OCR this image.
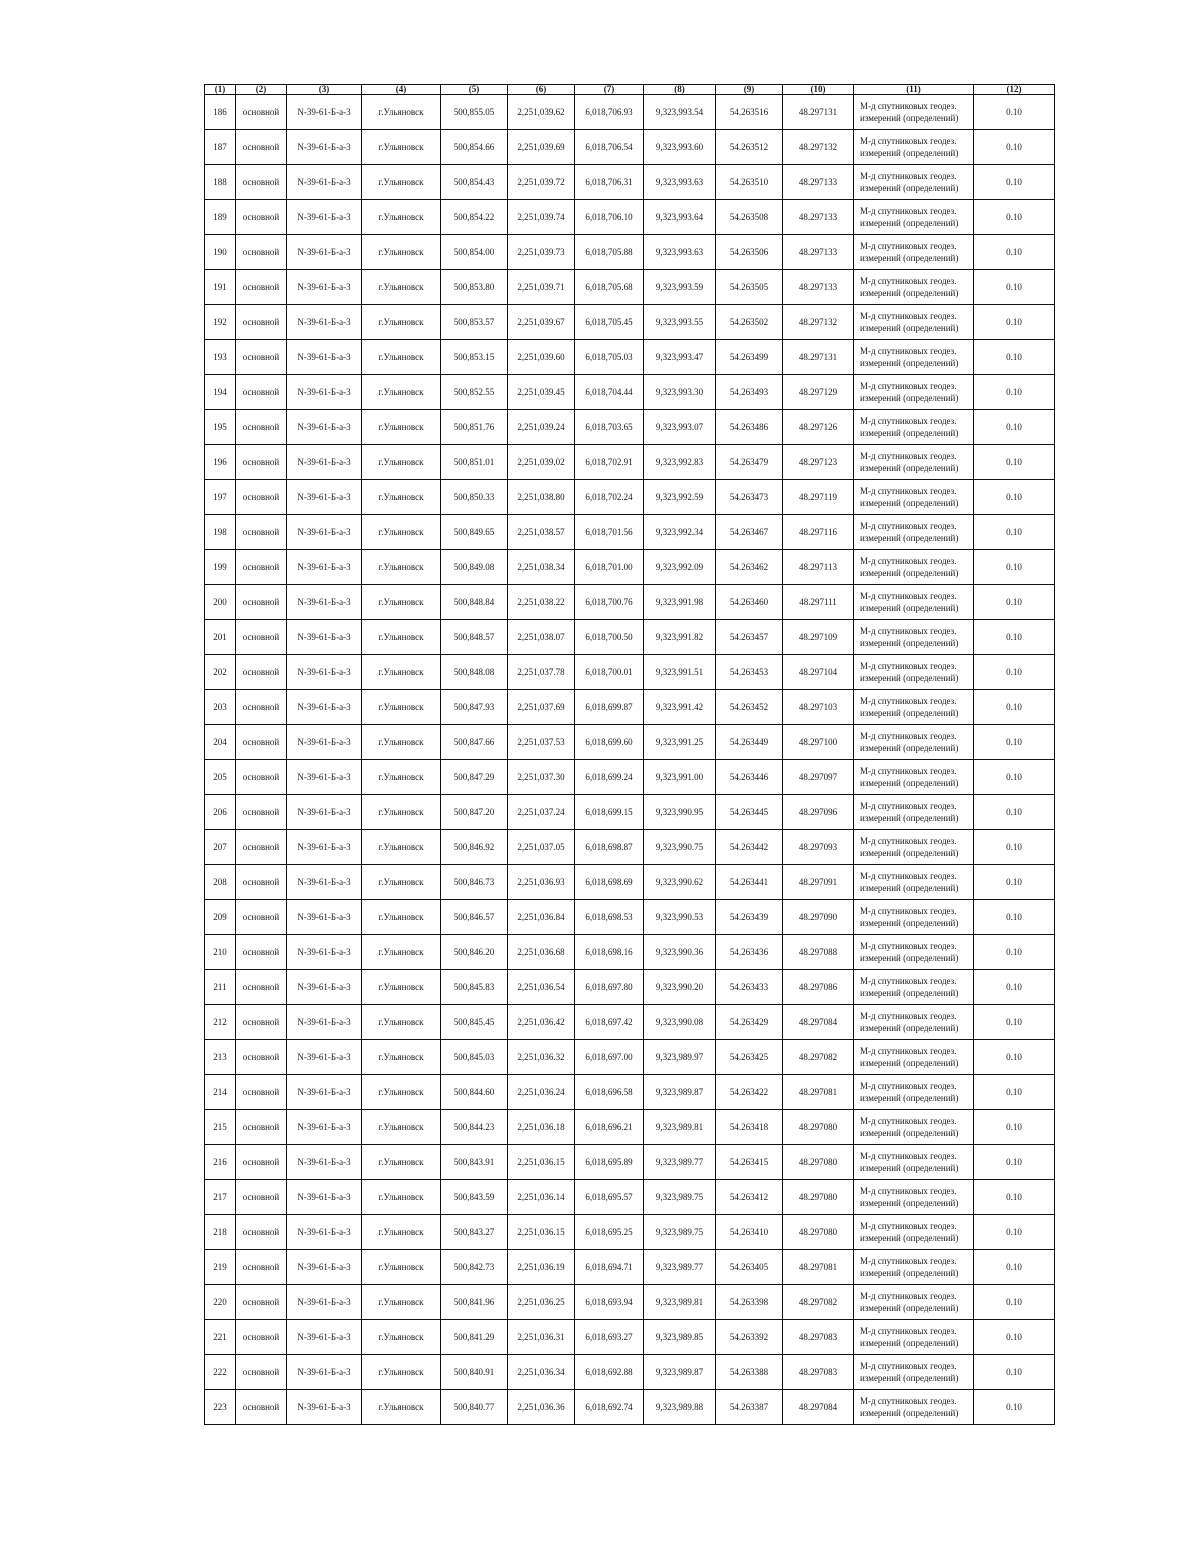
(1)	(2)	(3)	(4)	(5)	(6)	(7)	(8)	(9)	(10)	(11)	(12)
186	основной	N-39-61-Б-а-3	г.Ульяновск	500,855.05	2,251,039.62	6,018,706.93	9,323,993.54	54.263516	48.297131	М-д спутниковых геодез. измерений (определений)	0.10
187	основной	N-39-61-Б-а-3	г.Ульяновск	500,854.66	2,251,039.69	6,018,706.54	9,323,993.60	54.263512	48.297132	М-д спутниковых геодез. измерений (определений)	0.10
188	основной	N-39-61-Б-а-3	г.Ульяновск	500,854.43	2,251,039.72	6,018,706.31	9,323,993.63	54.263510	48.297133	М-д спутниковых геодез. измерений (определений)	0.10
189	основной	N-39-61-Б-а-3	г.Ульяновск	500,854.22	2,251,039.74	6,018,706.10	9,323,993.64	54.263508	48.297133	М-д спутниковых геодез. измерений (определений)	0.10
190	основной	N-39-61-Б-а-3	г.Ульяновск	500,854.00	2,251,039.73	6,018,705.88	9,323,993.63	54.263506	48.297133	М-д спутниковых геодез. измерений (определений)	0.10
191	основной	N-39-61-Б-а-3	г.Ульяновск	500,853.80	2,251,039.71	6,018,705.68	9,323,993.59	54.263505	48.297133	М-д спутниковых геодез. измерений (определений)	0.10
192	основной	N-39-61-Б-а-3	г.Ульяновск	500,853.57	2,251,039.67	6,018,705.45	9,323,993.55	54.263502	48.297132	М-д спутниковых геодез. измерений (определений)	0.10
193	основной	N-39-61-Б-а-3	г.Ульяновск	500,853.15	2,251,039.60	6,018,705.03	9,323,993.47	54.263499	48.297131	М-д спутниковых геодез. измерений (определений)	0.10
194	основной	N-39-61-Б-а-3	г.Ульяновск	500,852.55	2,251,039.45	6,018,704.44	9,323,993.30	54.263493	48.297129	М-д спутниковых геодез. измерений (определений)	0.10
195	основной	N-39-61-Б-а-3	г.Ульяновск	500,851.76	2,251,039.24	6,018,703.65	9,323,993.07	54.263486	48.297126	М-д спутниковых геодез. измерений (определений)	0.10
196	основной	N-39-61-Б-а-3	г.Ульяновск	500,851.01	2,251,039.02	6,018,702.91	9,323,992.83	54.263479	48.297123	М-д спутниковых геодез. измерений (определений)	0.10
197	основной	N-39-61-Б-а-3	г.Ульяновск	500,850.33	2,251,038.80	6,018,702.24	9,323,992.59	54.263473	48.297119	М-д спутниковых геодез. измерений (определений)	0.10
198	основной	N-39-61-Б-а-3	г.Ульяновск	500,849.65	2,251,038.57	6,018,701.56	9,323,992.34	54.263467	48.297116	М-д спутниковых геодез. измерений (определений)	0.10
199	основной	N-39-61-Б-а-3	г.Ульяновск	500,849.08	2,251,038.34	6,018,701.00	9,323,992.09	54.263462	48.297113	М-д спутниковых геодез. измерений (определений)	0.10
200	основной	N-39-61-Б-а-3	г.Ульяновск	500,848.84	2,251,038.22	6,018,700.76	9,323,991.98	54.263460	48.297111	М-д спутниковых геодез. измерений (определений)	0.10
201	основной	N-39-61-Б-а-3	г.Ульяновск	500,848.57	2,251,038.07	6,018,700.50	9,323,991.82	54.263457	48.297109	М-д спутниковых геодез. измерений (определений)	0.10
202	основной	N-39-61-Б-а-3	г.Ульяновск	500,848.08	2,251,037.78	6,018,700.01	9,323,991.51	54.263453	48.297104	М-д спутниковых геодез. измерений (определений)	0.10
203	основной	N-39-61-Б-а-3	г.Ульяновск	500,847.93	2,251,037.69	6,018,699.87	9,323,991.42	54.263452	48.297103	М-д спутниковых геодез. измерений (определений)	0.10
204	основной	N-39-61-Б-а-3	г.Ульяновск	500,847.66	2,251,037.53	6,018,699.60	9,323,991.25	54.263449	48.297100	М-д спутниковых геодез. измерений (определений)	0.10
205	основной	N-39-61-Б-а-3	г.Ульяновск	500,847.29	2,251,037.30	6,018,699.24	9,323,991.00	54.263446	48.297097	М-д спутниковых геодез. измерений (определений)	0.10
206	основной	N-39-61-Б-а-3	г.Ульяновск	500,847.20	2,251,037.24	6,018,699.15	9,323,990.95	54.263445	48.297096	М-д спутниковых геодез. измерений (определений)	0.10
207	основной	N-39-61-Б-а-3	г.Ульяновск	500,846.92	2,251,037.05	6,018,698.87	9,323,990.75	54.263442	48.297093	М-д спутниковых геодез. измерений (определений)	0.10
208	основной	N-39-61-Б-а-3	г.Ульяновск	500,846.73	2,251,036.93	6,018,698.69	9,323,990.62	54.263441	48.297091	М-д спутниковых геодез. измерений (определений)	0.10
209	основной	N-39-61-Б-а-3	г.Ульяновск	500,846.57	2,251,036.84	6,018,698.53	9,323,990.53	54.263439	48.297090	М-д спутниковых геодез. измерений (определений)	0.10
210	основной	N-39-61-Б-а-3	г.Ульяновск	500,846.20	2,251,036.68	6,018,698.16	9,323,990.36	54.263436	48.297088	М-д спутниковых геодез. измерений (определений)	0.10
211	основной	N-39-61-Б-а-3	г.Ульяновск	500,845.83	2,251,036.54	6,018,697.80	9,323,990.20	54.263433	48.297086	М-д спутниковых геодез. измерений (определений)	0.10
212	основной	N-39-61-Б-а-3	г.Ульяновск	500,845.45	2,251,036.42	6,018,697.42	9,323,990.08	54.263429	48.297084	М-д спутниковых геодез. измерений (определений)	0.10
213	основной	N-39-61-Б-а-3	г.Ульяновск	500,845.03	2,251,036.32	6,018,697.00	9,323,989.97	54.263425	48.297082	М-д спутниковых геодез. измерений (определений)	0.10
214	основной	N-39-61-Б-а-3	г.Ульяновск	500,844.60	2,251,036.24	6,018,696.58	9,323,989.87	54.263422	48.297081	М-д спутниковых геодез. измерений (определений)	0.10
215	основной	N-39-61-Б-а-3	г.Ульяновск	500,844.23	2,251,036.18	6,018,696.21	9,323,989.81	54.263418	48.297080	М-д спутниковых геодез. измерений (определений)	0.10
216	основной	N-39-61-Б-а-3	г.Ульяновск	500,843.91	2,251,036.15	6,018,695.89	9,323,989.77	54.263415	48.297080	М-д спутниковых геодез. измерений (определений)	0.10
217	основной	N-39-61-Б-а-3	г.Ульяновск	500,843.59	2,251,036.14	6,018,695.57	9,323,989.75	54.263412	48.297080	М-д спутниковых геодез. измерений (определений)	0.10
218	основной	N-39-61-Б-а-3	г.Ульяновск	500,843.27	2,251,036.15	6,018,695.25	9,323,989.75	54.263410	48.297080	М-д спутниковых геодез. измерений (определений)	0.10
219	основной	N-39-61-Б-а-3	г.Ульяновск	500,842.73	2,251,036.19	6,018,694.71	9,323,989.77	54.263405	48.297081	М-д спутниковых геодез. измерений (определений)	0.10
220	основной	N-39-61-Б-а-3	г.Ульяновск	500,841.96	2,251,036.25	6,018,693.94	9,323,989.81	54.263398	48.297082	М-д спутниковых геодез. измерений (определений)	0.10
221	основной	N-39-61-Б-а-3	г.Ульяновск	500,841.29	2,251,036.31	6,018,693.27	9,323,989.85	54.263392	48.297083	М-д спутниковых геодез. измерений (определений)	0.10
222	основной	N-39-61-Б-а-3	г.Ульяновск	500,840.91	2,251,036.34	6,018,692.88	9,323,989.87	54.263388	48.297083	М-д спутниковых геодез. измерений (определений)	0.10
223	основной	N-39-61-Б-а-3	г.Ульяновск	500,840.77	2,251,036.36	6,018,692.74	9,323,989.88	54.263387	48.297084	М-д спутниковых геодез. измерений (определений)	0.10
